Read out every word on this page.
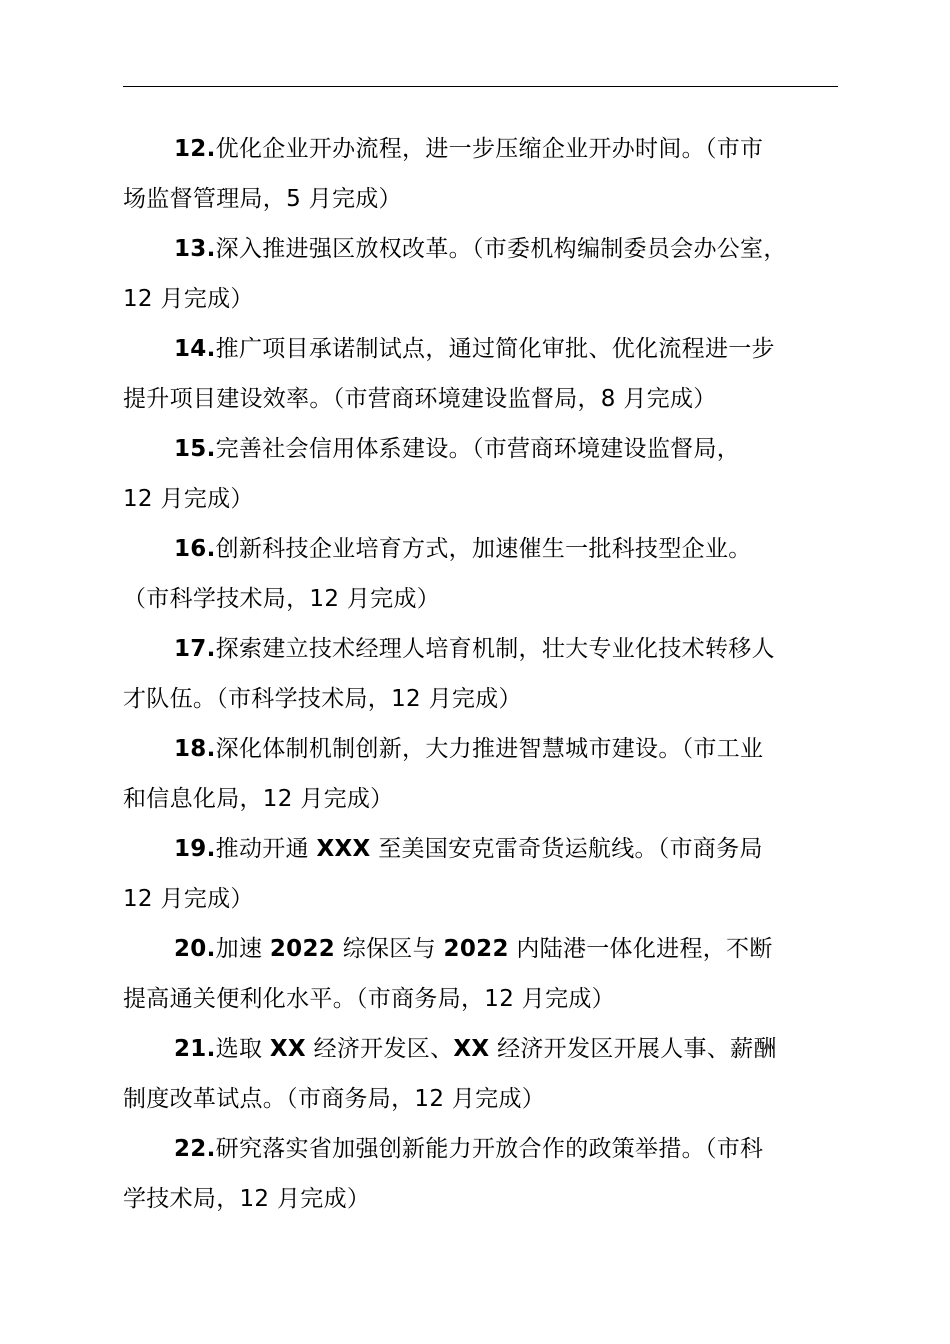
12.优化企业开办流程，进一步压缩企业开办时间。（市市
场监督管理局，5 月完成）

13.深入推进强区放权改革。（市委机构编制委员会办公室，
12 月完成）

14.推广项目承诺制试点，通过简化审批、优化流程进一步
提升项目建设效率。（市营商环境建设监督局，8 月完成）

15.完善社会信用体系建设。（市营商环境建设监督局，
12 月完成）

16.创新科技企业培育方式，加速催生一批科技型企业。
（市科学技术局，12 月完成）

17.探索建立技术经理人培育机制，壮大专业化技术转移人
才队伍。（市科学技术局，12 月完成）

18.深化体制机制创新，大力推进智慧城市建设。（市工业
和信息化局，12 月完成）

19.推动开通 XXX 至美国安克雷奇货运航线。（市商务局
12 月完成）

20.加速 2022 综保区与 2022 内陆港一体化进程，不断
提高通关便利化水平。（市商务局，12 月完成）

21.选取 XX 经济开发区、XX 经济开发区开展人事、薪酬
制度改革试点。（市商务局，12 月完成）

22.研究落实省加强创新能力开放合作的政策举措。（市科
学技术局，12 月完成）
